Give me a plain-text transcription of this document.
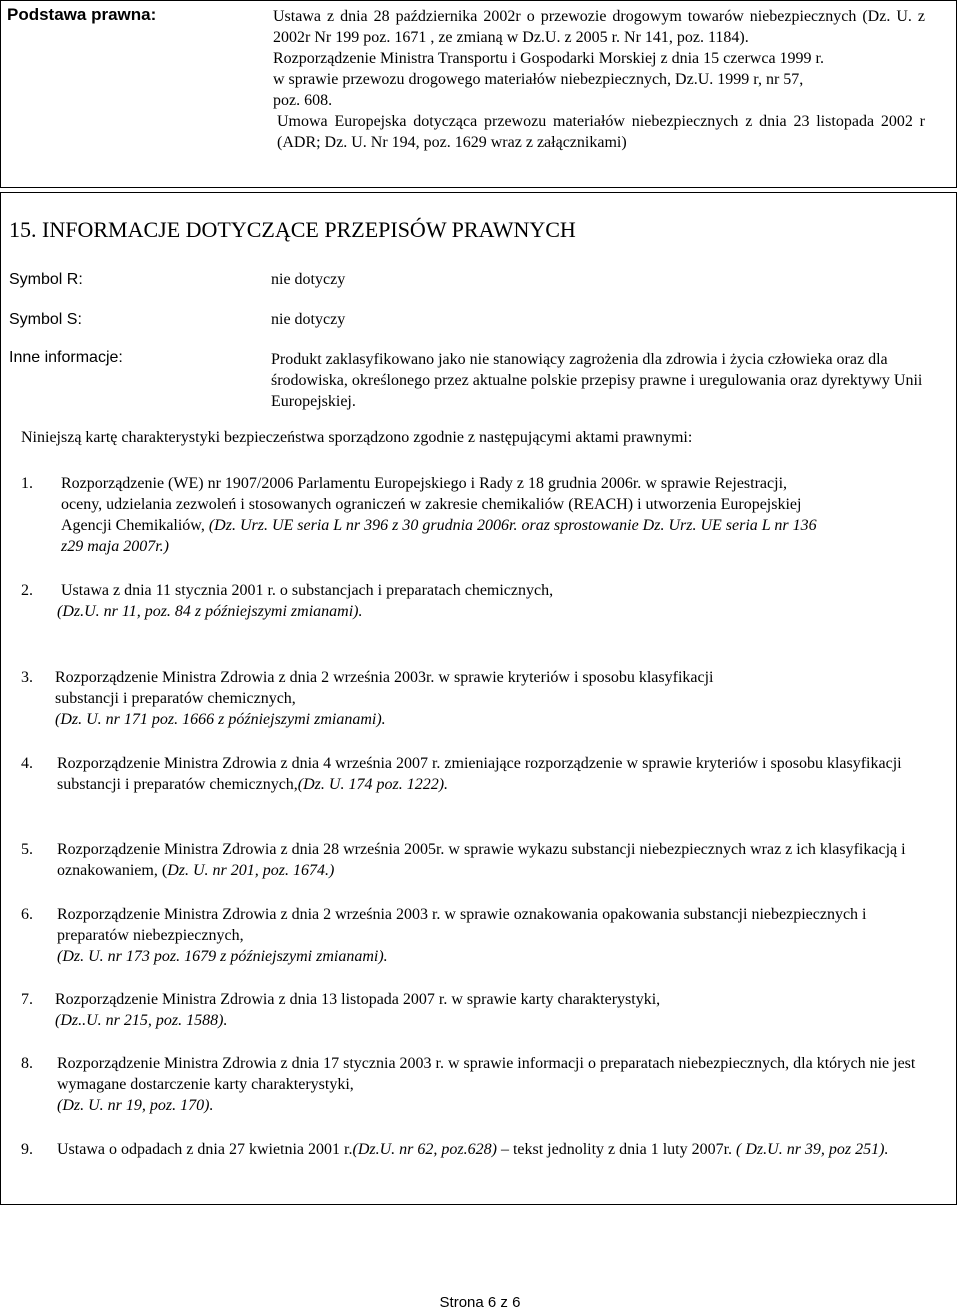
Podstawa prawna:	Ustawa z dnia 28 października 2002r o przewozie drogowym towarów niebezpiecznych (Dz. U. z 2002r Nr 199 poz. 1671 , ze zmianą w Dz.U. z 2005 r. Nr 141, poz. 1184).

Rozporządzenie Ministra Transportu i Gospodarki Morskiej z dnia 15 czerwca 1999 r.

w sprawie przewozu drogowego materiałów niebezpiecznych, Dz.U. 1999 r, nr 57,

poz. 608.

Umowa Europejska dotycząca przewozu materiałów niebezpiecznych z dnia 23 listopada 2002 r (ADR; Dz. U. Nr 194, poz. 1629 wraz z załącznikami)

15. INFORMACJE DOTYCZĄCE PRZEPISÓW PRAWNYCH
Symbol R:	nie dotyczy
Symbol S:	nie dotyczy
Inne informacje:	Produkt zaklasyfikowano jako nie stanowiący zagrożenia dla zdrowia i życia człowieka oraz dla środowiska, określonego przez aktualne polskie przepisy prawne i uregulowania oraz dyrektywy Unii Europejskiej.
Niniejszą kartę charakterystyki bezpieczeństwa sporządzono zgodnie z następującymi aktami prawnymi:
1. Rozporządzenie (WE) nr 1907/2006 Parlamentu Europejskiego i Rady z 18 grudnia 2006r. w sprawie Rejestracji, oceny, udzielania zezwoleń i stosowanych ograniczeń w zakresie chemikaliów (REACH) i utworzenia Europejskiej Agencji Chemikaliów, (Dz. Urz. UE seria L nr 396 z 30 grudnia 2006r. oraz sprostowanie Dz. Urz. UE seria L nr 136 z29 maja 2007r.)
2. Ustawa z dnia 11 stycznia 2001 r. o substancjach i preparatach chemicznych,
(Dz.U. nr 11, poz. 84 z późniejszymi zmianami).
3. Rozporządzenie Ministra Zdrowia z dnia 2 września 2003r. w sprawie kryteriów i sposobu klasyfikacji substancji i preparatów chemicznych,
(Dz. U. nr 171 poz. 1666 z późniejszymi zmianami).
4. Rozporządzenie Ministra Zdrowia z dnia 4 września 2007 r. zmieniające rozporządzenie w sprawie kryteriów i sposobu klasyfikacji substancji i preparatów chemicznych,(Dz. U. 174 poz. 1222).
5. Rozporządzenie Ministra Zdrowia z dnia 28 września 2005r. w sprawie wykazu substancji niebezpiecznych wraz z ich klasyfikacją i oznakowaniem, (Dz. U. nr 201, poz. 1674.)
6. Rozporządzenie Ministra Zdrowia z dnia 2 września 2003 r. w sprawie oznakowania opakowania substancji niebezpiecznych i preparatów niebezpiecznych,
(Dz. U. nr 173 poz. 1679 z późniejszymi zmianami).
7. Rozporządzenie Ministra Zdrowia z dnia 13 listopada 2007 r. w sprawie karty charakterystyki,
(Dz..U. nr 215, poz. 1588).
8. Rozporządzenie Ministra Zdrowia z dnia 17 stycznia 2003 r. w sprawie informacji o preparatach niebezpiecznych, dla których nie jest wymagane dostarczenie karty charakterystyki,
(Dz. U. nr 19, poz. 170).
9. Ustawa o odpadach z dnia 27 kwietnia 2001 r.(Dz.U. nr 62, poz.628) – tekst jednolity z dnia 1 luty 2007r. ( Dz.U. nr 39, poz 251).
Strona 6 z 6
